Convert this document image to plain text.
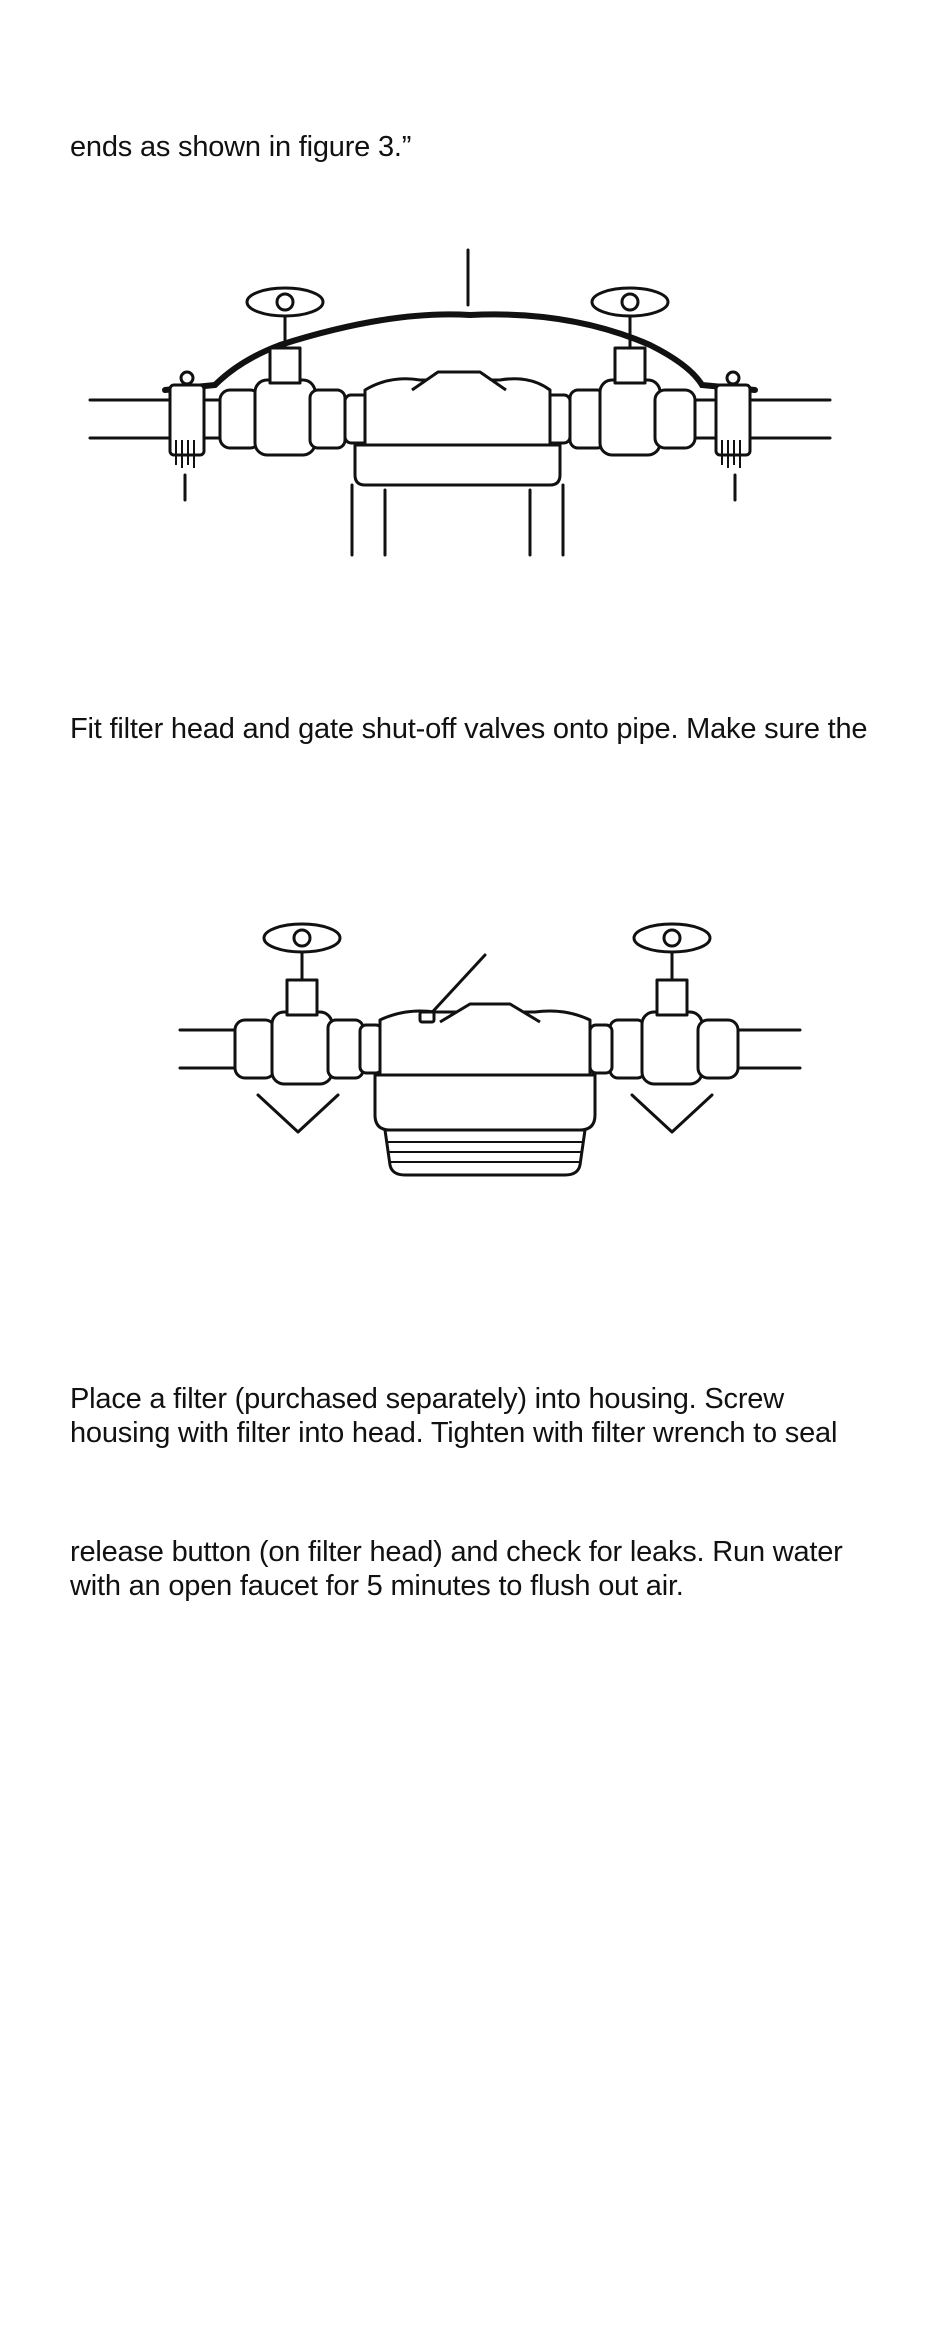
ends as shown in figure 3.”

Fit filter head and gate shut-off valves onto pipe. Make sure the

Place a filter (purchased separately) into housing. Screw
housing with filter into head. Tighten with filter wrench to seal

release button (on filter head) and check for leaks. Run water
with an open faucet for 5 minutes to flush out air.
